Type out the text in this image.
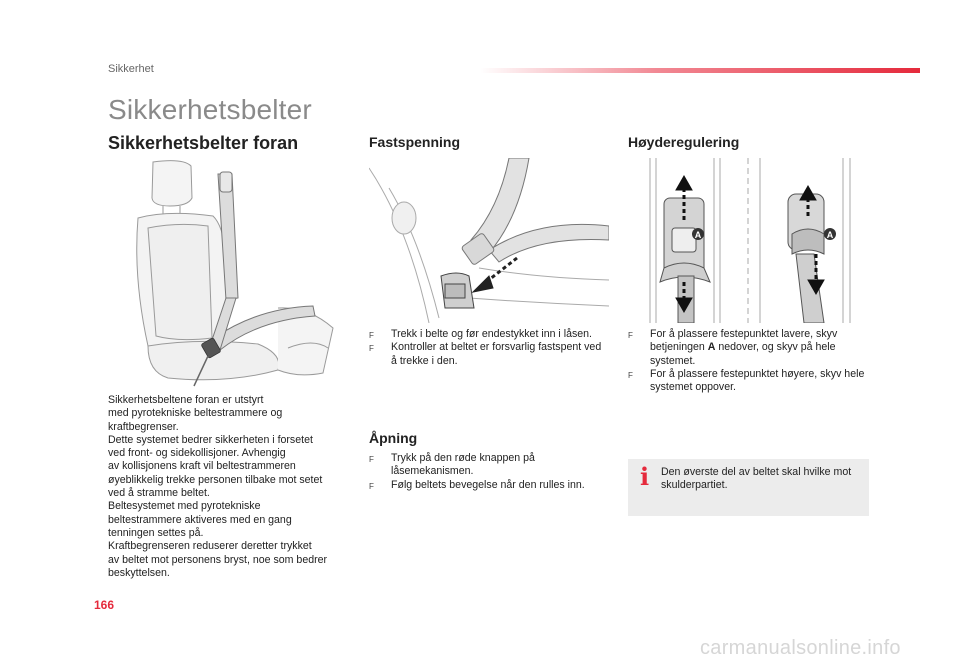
Sikkerhet
Sikkerhetsbelter
Sikkerhetsbelter foran	Fastspenning	Høyderegulering
A	A

Sikkerhetsbeltene foran er utstyrt

med pyrotekniske beltestrammere og

kraftbegrenser.

Dette systemet bedrer sikkerheten i forsetet

ved front- og sidekollisjoner. Avhengig

av kollisjonens kraft vil beltestrammeren

øyeblikkelig trekke personen tilbake mot setet

ved å stramme beltet.

Beltesystemet med pyrotekniske

beltestrammere aktiveres med en gang

tenningen settes på.

Kraftbegrenseren reduserer deretter trykket

av beltet mot personens bryst, noe som bedrer

beskyttelsen.

F Trekk i belte og før endestykket inn i låsen.
F Kontroller at beltet er forsvarlig fastspent ved å trekke i den.
Åpning
F Trykk på den røde knappen på låsemekanismen.
F Følg beltets bevegelse når den rulles inn.
F For å plassere festepunktet lavere, skyv betjeningen A nedover, og skyv på hele systemet.
F For å plassere festepunktet høyere, skyv hele systemet oppover.
i Den øverste del av beltet skal hvilke mot skulderpartiet.
166
carmanualsonline.info
